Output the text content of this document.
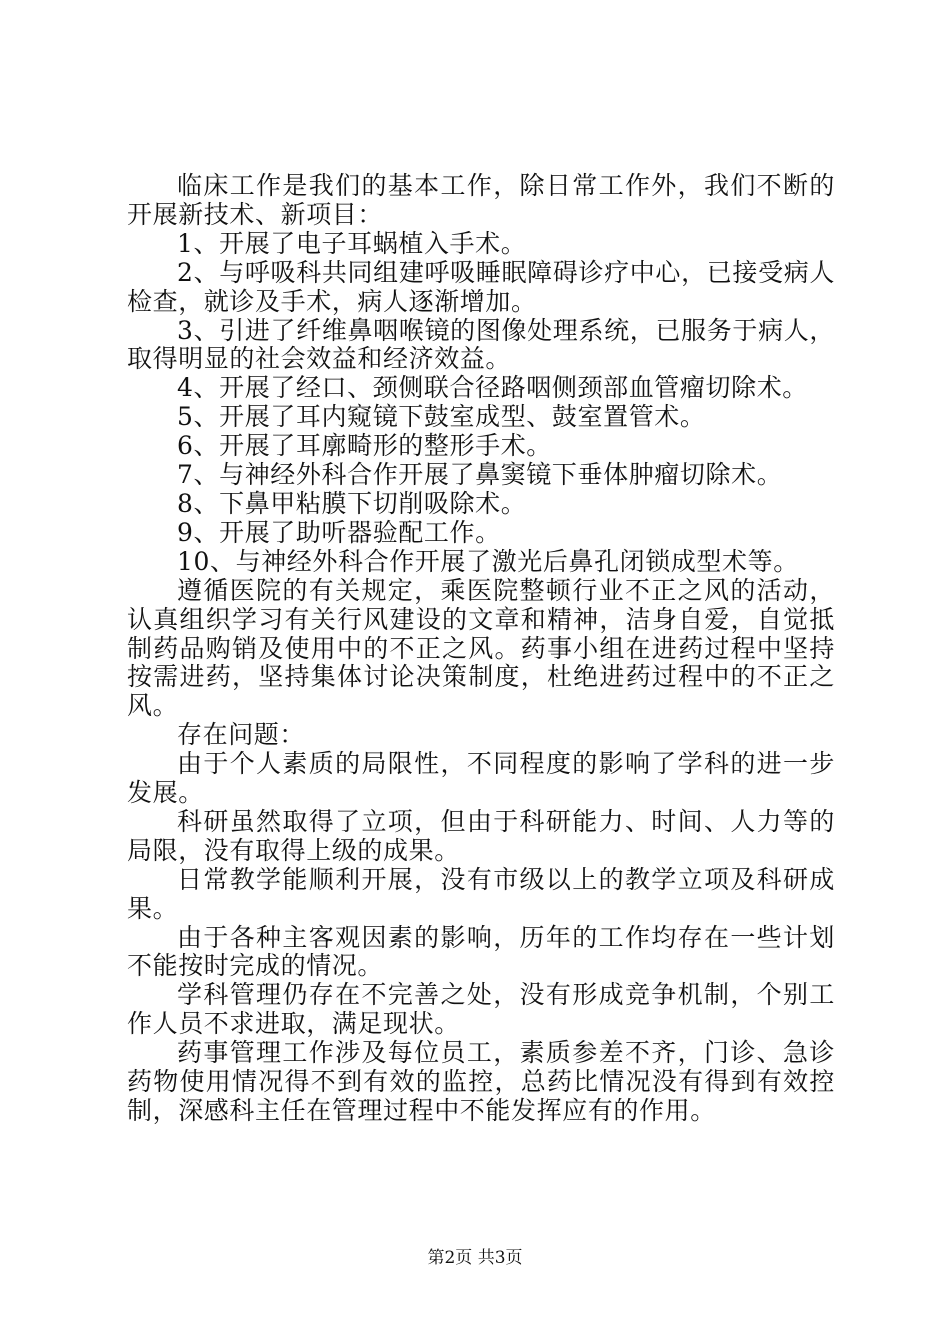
临床工作是我们的基本工作，除日常工作外，我们不断的开展新技术、新项目：

1、开展了电子耳蜗植入手术。

2、与呼吸科共同组建呼吸睡眠障碍诊疗中心，已接受病人检查，就诊及手术，病人逐渐增加。

3、引进了纤维鼻咽喉镜的图像处理系统，已服务于病人，取得明显的社会效益和经济效益。

4、开展了经口、颈侧联合径路咽侧颈部血管瘤切除术。

5、开展了耳内窥镜下鼓室成型、鼓室置管术。

6、开展了耳廓畸形的整形手术。

7、与神经外科合作开展了鼻窦镜下垂体肿瘤切除术。

8、下鼻甲粘膜下切削吸除术。

9、开展了助听器验配工作。

10、与神经外科合作开展了激光后鼻孔闭锁成型术等。

遵循医院的有关规定，乘医院整顿行业不正之风的活动，认真组织学习有关行风建设的文章和精神，洁身自爱，自觉抵制药品购销及使用中的不正之风。药事小组在进药过程中坚持按需进药，坚持集体讨论决策制度，杜绝进药过程中的不正之风。

存在问题：

由于个人素质的局限性，不同程度的影响了学科的进一步发展。

科研虽然取得了立项，但由于科研能力、时间、人力等的局限，没有取得上级的成果。

日常教学能顺利开展，没有市级以上的教学立项及科研成果。

由于各种主客观因素的影响，历年的工作均存在一些计划不能按时完成的情况。

学科管理仍存在不完善之处，没有形成竞争机制，个别工作人员不求进取，满足现状。

药事管理工作涉及每位员工，素质参差不齐，门诊、急诊药物使用情况得不到有效的监控，总药比情况没有得到有效控制，深感科主任在管理过程中不能发挥应有的作用。

第2页 共3页
